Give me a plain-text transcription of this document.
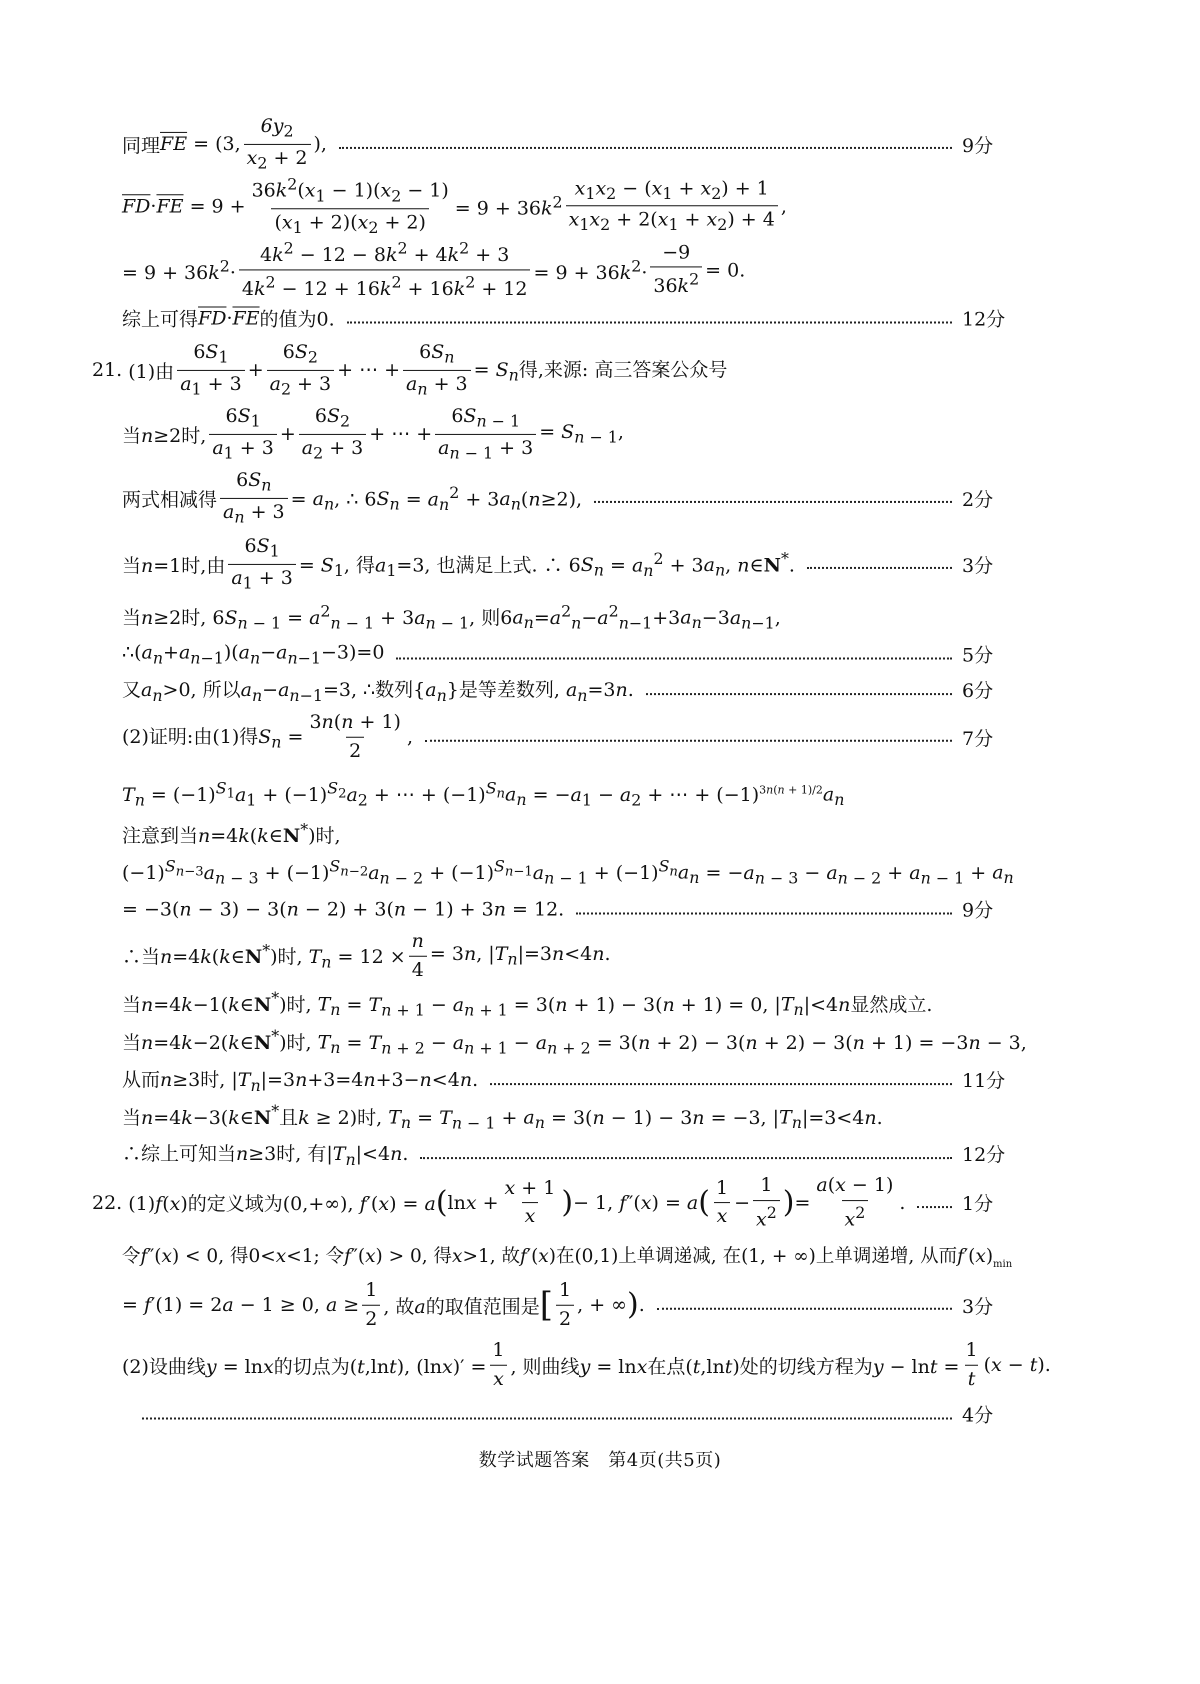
同理 $\overline{FE} = (3$, $\frac{6y_2}{x_2 + 2}$ ),	9分
$\overline{FD} \cdot \overline{FE} = 9 + \frac{36k^2(x_1 - 1)(x_2 - 1)}{(x_1 + 2)(x_2 + 2)} = 9 + 36k^2 \frac{x_1x_2 - (x_1 + x_2) + 1}{x_1x_2 + 2(x_1 + x_2) + 4}$ ,
= $9 + 36k^2\cdot \frac{4k^2 - 12 - 8k^2 + 4k^2 + 3}{4k^2 - 12 + 16k^2 + 16k^2 + 12} = 9 + 36k^2\cdot \frac{-9}{36k^2} = 0$.
综上可得 $\overline{FD} \cdot \overline{FE}$ 的值为0.	12分
21. (1)由 $\frac{6S_1}{a_1 + 3} + \frac{6S_2}{a_2 + 3}$ + ⋯ + $\frac{6S_n}{a_n + 3} = S_n$得,来源: 高三答案公众号
当n≥2时, $\frac{6S_1}{a_1 + 3} + \frac{6S_2}{a_2 + 3}$ + ⋯ + $\frac{6S_{n - 1}}{a_{n - 1} + 3} = S_{n - 1}$,
两式相减得 $\frac{6S_n}{a_n + 3} = a_n$, ∴ $6S_n = a_n^2 + 3a_n(n\ge 2)$,	2分
当n=1时,由 $\frac{6S_1}{a_1 + 3} = S_1$, 得$a_1=3$, 也满足上式. ∴ $6S_n = a_n^2 + 3a_n$, n∈N*.	3分
当n≥2时, $6S_{n - 1} = a^2_{n - 1} + 3a_{n - 1}$, 则$6a_n=a^2_n-a^2_{n-1}+3a_n-3a_{n-1}$,
$\therefore(a_n+a_{n-1})(a_n-a_{n-1}-3)=0$	5分
又$a_n>0$, 所以$a_n-a_{n-1}=3$, ∴数列$\{a_n\}$是等差数列, $a_n=3n$.	6分
(2)证明:由(1)得$S_n = \frac{3n(n + 1)}{2}$ ,	7分
$T_n = (-1)^{S_1}a_1 + (-1)^{S_2}a_2$ + ⋯ + $(-1)^{S_n}a_n = -a_1 - a_2$ + ⋯ + $(-1)^{3n(n + 1)/2}a_n$
注意到当n=4k(k∈N*)时,
$(-1)^{S_{n-3}}a_{n - 3} + (-1)^{S_{n-2}}a_{n - 2} + (-1)^{S_{n-1}}a_{n - 1} + (-1)^{S_n}a_n = -a_{n - 3} - a_{n - 2} + a_{n - 1} + a_n$
= −3(n − 3) − 3(n − 2) + 3(n − 1) + 3n = 12.	9分
∴当n=4k(k∈N*)时, $T_n = 12 \times \frac{n}{4} = 3n$, $|T_n|=3n<4n$.
当n=4k−1(k∈N*)时, $T_n = T_{n + 1} - a_{n + 1} = 3(n + 1) - 3(n + 1) = 0$, $|T_n|<4n$显然成立.
当n=4k−2(k∈N*)时, $T_n = T_{n + 2} - a_{n + 1} - a_{n + 2} = 3(n + 2) - 3(n + 2) - 3(n + 1) = -3n - 3$,
从而n≥3时, $|T_n|=3n+3=4n+3-n<4n$.	11分
当n=4k−3(k∈N*且k ≥ 2)时, $T_n = T_{n - 1} + a_n = 3(n - 1) - 3n = -3$, $|T_n|=3<4n$.
∴综上可知当n≥3时, 有$|T_n|<4n$.	12分
22. (1)f(x)的定义域为(0,+∞), f′(x) = a ( $\ln x + \frac{x + 1}{x}$ ) − 1, f″(x) = a ( $\frac{1}{x} - \frac{1}{x^2}$ ) = $\frac{a(x - 1)}{x^2}$ .	1分
令f″(x) < 0, 得0<x<1; 令f″(x) > 0, 得x>1, 故f′(x)在(0,1)上单调递减, 在(1, + ∞)上单调递增, 从而$f'(x)_{min}$
= f′(1) = 2a − 1 ≥ 0, $a \ge \frac{1}{2}$ , 故a的取值范围是 [ $\frac{1}{2}$ , + ∞ ) .	3分
(2)设曲线y = lnx的切点为(t,lnt), $(\ln x)' = \frac{1}{x}$ , 则曲线y = lnx在点(t,lnt)处的切线方程为$y - \ln t = \frac{1}{t} (x - t)$.
4分
数学试题答案　第4页(共5页)
